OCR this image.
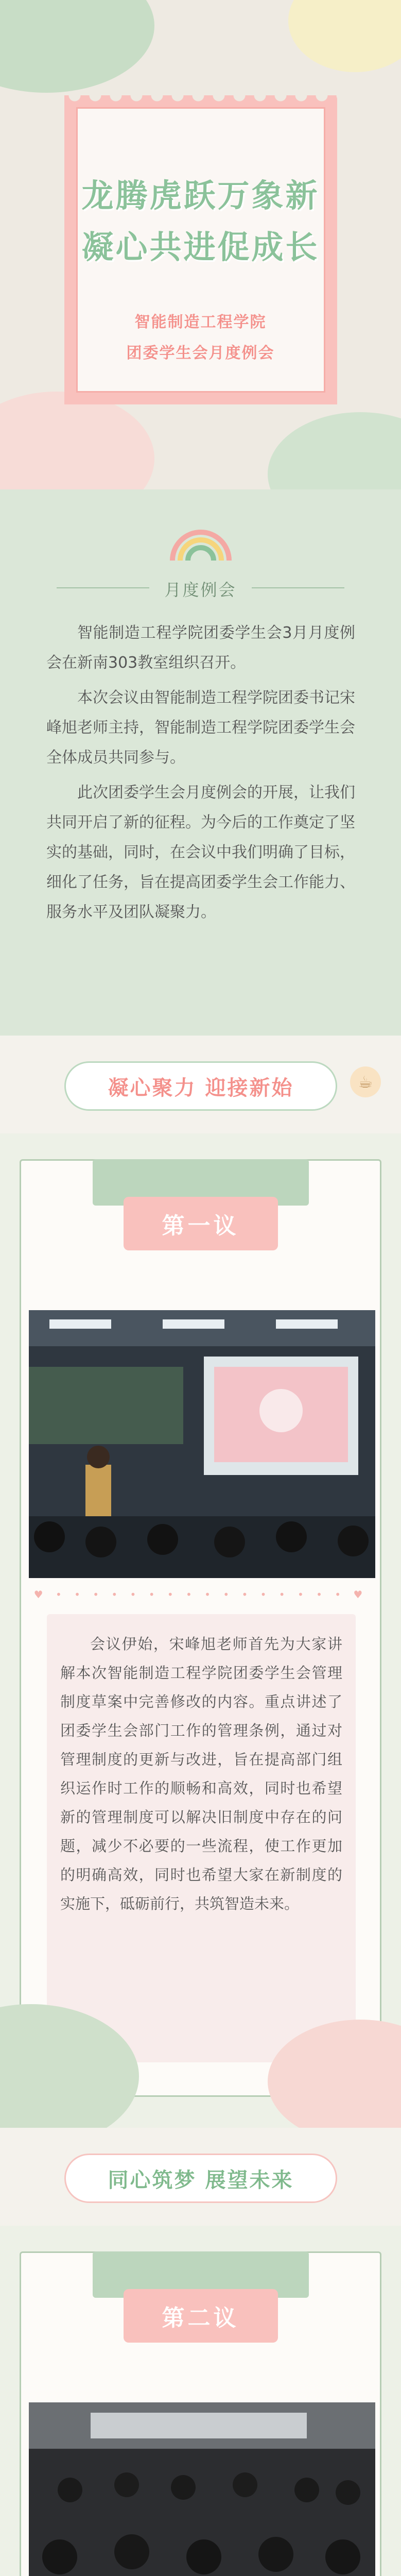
龙腾虎跃万象新
凝心共进促成长
智能制造工程学院
团委学生会月度例会
月度例会

智能制造工程学院团委学生会3月月度例会在新南303教室组织召开。

本次会议由智能制造工程学院团委书记宋峰旭老师主持，智能制造工程学院团委学生会全体成员共同参与。

此次团委学生会月度例会的开展，让我们共同开启了新的征程。为今后的工作奠定了坚实的基础，同时，在会议中我们明确了目标，细化了任务，旨在提高团委学生会工作能力、服务水平及团队凝聚力。

凝心聚力 迎接新始	☕
第一议
♥ • • • • • • • • • • • • • • • • ♥

会议伊始，宋峰旭老师首先为大家讲解本次智能制造工程学院团委学生会管理制度草案中完善修改的内容。重点讲述了团委学生会部门工作的管理条例，通过对管理制度的更新与改进，旨在提高部门组织运作时工作的顺畅和高效，同时也希望新的管理制度可以解决旧制度中存在的问题，减少不必要的一些流程，使工作更加的明确高效，同时也希望大家在新制度的实施下，砥砺前行，共筑智造未来。

同心筑梦 展望未来
第二议
